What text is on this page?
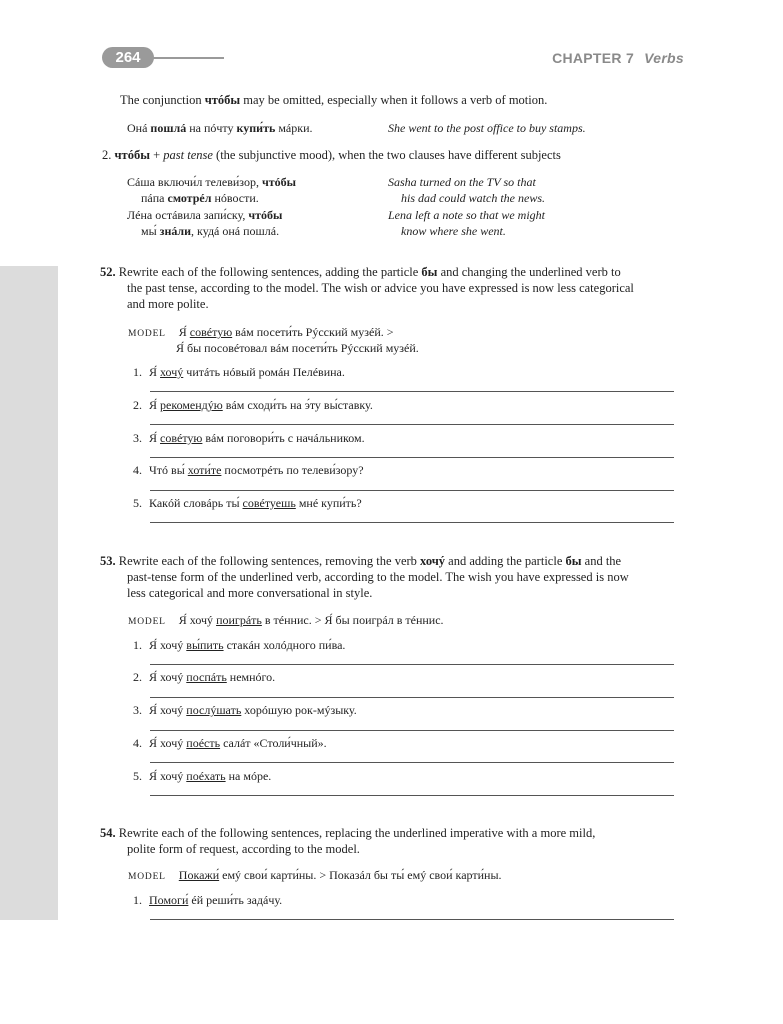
264	CHAPTER 7 Verbs
The conjunction чтóбы may be omitted, especially when it follows a verb of motion.
Онá пошлá на пóчту купи́ть мáрки.	She went to the post office to buy stamps.
2. чтóбы + past tense (the subjunctive mood), when the two clauses have different subjects
Сáша включи́л телеви́зор, чтóбы
пáпа смотрéл нóвости.
Sasha turned on the TV so that
his dad could watch the news.
Лéна остáвила запи́ску, чтóбы
мы́ знáли, кудá онá пошлá.
Lena left a note so that we might
know where she went.
52. Rewrite each of the following sentences, adding the particle бы and changing the underlined verb to
the past tense, according to the model. The wish or advice you have expressed is now less categorical
and more polite.
MODEL Я́ совéтую вáм посети́ть Рýсский музéй. >
Я́ бы посовéтовал вáм посети́ть Рýсский музéй.
1. Я́ хочý читáть нóвый ромáн Пелéвина.
2. Я́ рекомендýю вáм сходи́ть на э́ту вы́ставку.
3. Я́ совéтую вáм поговори́ть с начáльником.
4. Чтó вы́ хоти́те посмотрéть по телеви́зору?
5. Какóй словáрь ты́ совéтуешь мнé купи́ть?
53. Rewrite each of the following sentences, removing the verb хочý and adding the particle бы and the
past-tense form of the underlined verb, according to the model. The wish you have expressed is now
less categorical and more conversational in style.
MODEL Я́ хочý поигрáть в тéннис. > Я́ бы поигрáл в тéннис.
1. Я́ хочý вы́пить стакáн холóдного пи́ва.
2. Я́ хочý поспáть немнóго.
3. Я́ хочý послýшать хорóшую рок-мýзыку.
4. Я́ хочý поéсть салáт «Столи́чный».
5. Я́ хочý поéхать на мóре.
54. Rewrite each of the following sentences, replacing the underlined imperative with a more mild,
polite form of request, according to the model.
MODEL Покажи́ емý свои́ карти́ны. > Показáл бы ты́ емý свои́ карти́ны.
1. Помоги́ éй реши́ть задáчу.
